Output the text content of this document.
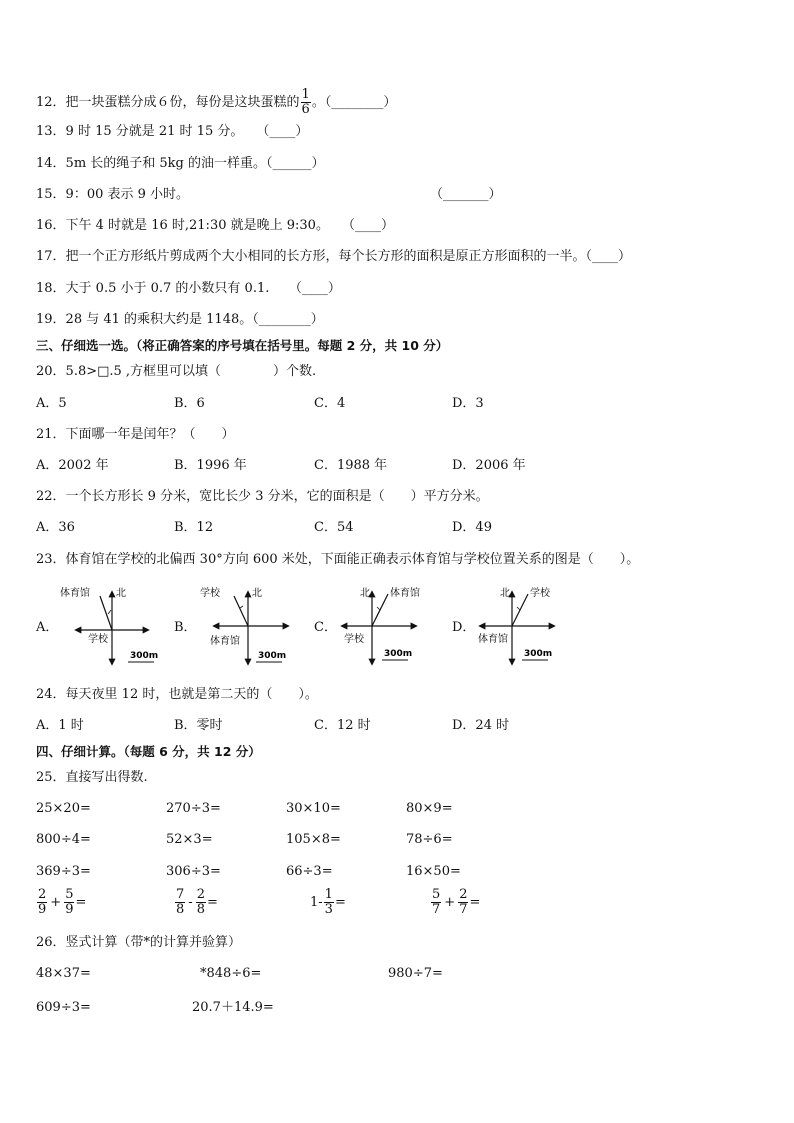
12．把一块蛋糕分成６份，每份是这块蛋糕的 $\frac{1}{6}$ 。（________）
13．9 时 15 分就是 21 时 15 分。　　（____）
14．5m 长的绳子和 5kg 的油一样重。（______）
15．9：00 表示 9 小时。	（_______）
16．下午 4 时就是 16 时,21:30 就是晚上 9:30。　　（____）
17．把一个正方形纸片剪成两个大小相同的长方形，每个长方形的面积是原正方形面积的一半。（____）
18．大于 0.5 小于 0.7 的小数只有 0.1.　　（____）
19．28 与 41 的乘积大约是 1148。（________）
三、仔细选一选。（将正确答案的序号填在括号里。每题 2 分，共 10 分）
20．5.8>□.5 ,方框里可以填（　　　　）个数.
A．5	B．6	C．4	D．3
21．下面哪一年是闰年？（　　）
A．2002 年	B．1996 年	C．1988 年	D．2006 年
22．一个长方形长 9 分米，宽比长少 3 分米，它的面积是（　　）平方分米。
A．36	B．12	C．54	D．49
23．体育馆在学校的北偏西 30°方向 600 米处，下面能正确表示体育馆与学校位置关系的图是（　　）。
A．	B．	C．	D．
体育馆	北
学校
300m
学校	北
体育馆
300m
北 体育馆
学校
300m
北 学校
体育馆
300m
24．每天夜里 12 时，也就是第二天的（　　）。
A．1 时	B．零时	C．12 时	D．24 时
四、仔细计算。（每题 6 分，共 12 分）
25．直接写出得数.
25×20=	270÷3=	30×10=	80×9=
800÷4=	52×3=	105×8=	78÷6=
369÷3=	306÷3=	66÷3=	16×50=
$\frac{2}{9} + \frac{5}{9}$ =	$\frac{7}{8} - \frac{2}{8}$ =	$1- \frac{1}{3}$ =	$\frac{5}{7} + \frac{2}{7}$ =
26．竖式计算（带*的计算并验算）
48×37=	*848÷6=	980÷7=
609÷3=	20.7＋14.9=
